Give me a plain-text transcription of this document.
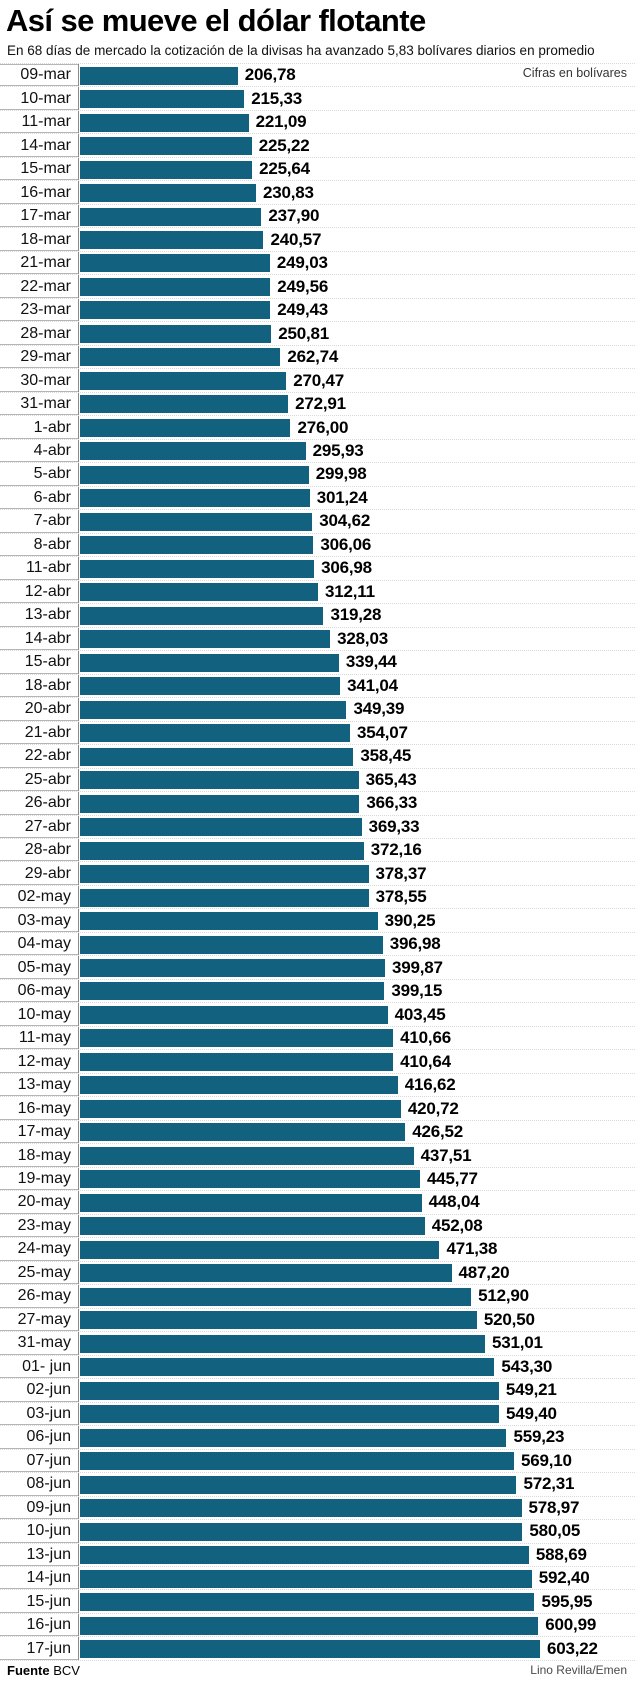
Así se mueve el dólar flotante

En 68 días de mercado la cotización de la divisas ha avanzado 5,83 bolívares diarios en promedio

Cifras en bolívares
09-mar	206,78
10-mar	215,33
11-mar	221,09
14-mar	225,22
15-mar	225,64
16-mar	230,83
17-mar	237,90
18-mar	240,57
21-mar	249,03
22-mar	249,56
23-mar	249,43
28-mar	250,81
29-mar	262,74
30-mar	270,47
31-mar	272,91
1-abr	276,00
4-abr	295,93
5-abr	299,98
6-abr	301,24
7-abr	304,62
8-abr	306,06
11-abr	306,98
12-abr	312,11
13-abr	319,28
14-abr	328,03
15-abr	339,44
18-abr	341,04
20-abr	349,39
21-abr	354,07
22-abr	358,45
25-abr	365,43
26-abr	366,33
27-abr	369,33
28-abr	372,16
29-abr	378,37
02-may	378,55
03-may	390,25
04-may	396,98
05-may	399,87
06-may	399,15
10-may	403,45
11-may	410,66
12-may	410,64
13-may	416,62
16-may	420,72
17-may	426,52
18-may	437,51
19-may	445,77
20-may	448,04
23-may	452,08
24-may	471,38
25-may	487,20
26-may	512,90
27-may	520,50
31-may	531,01
01- jun	543,30
02-jun	549,21
03-jun	549,40
06-jun	559,23
07-jun	569,10
08-jun	572,31
09-jun	578,97
10-jun	580,05
13-jun	588,69
14-jun	592,40
15-jun	595,95
16-jun	600,99
17-jun	603,22
Fuente BCV	Lino Revilla/Emen
